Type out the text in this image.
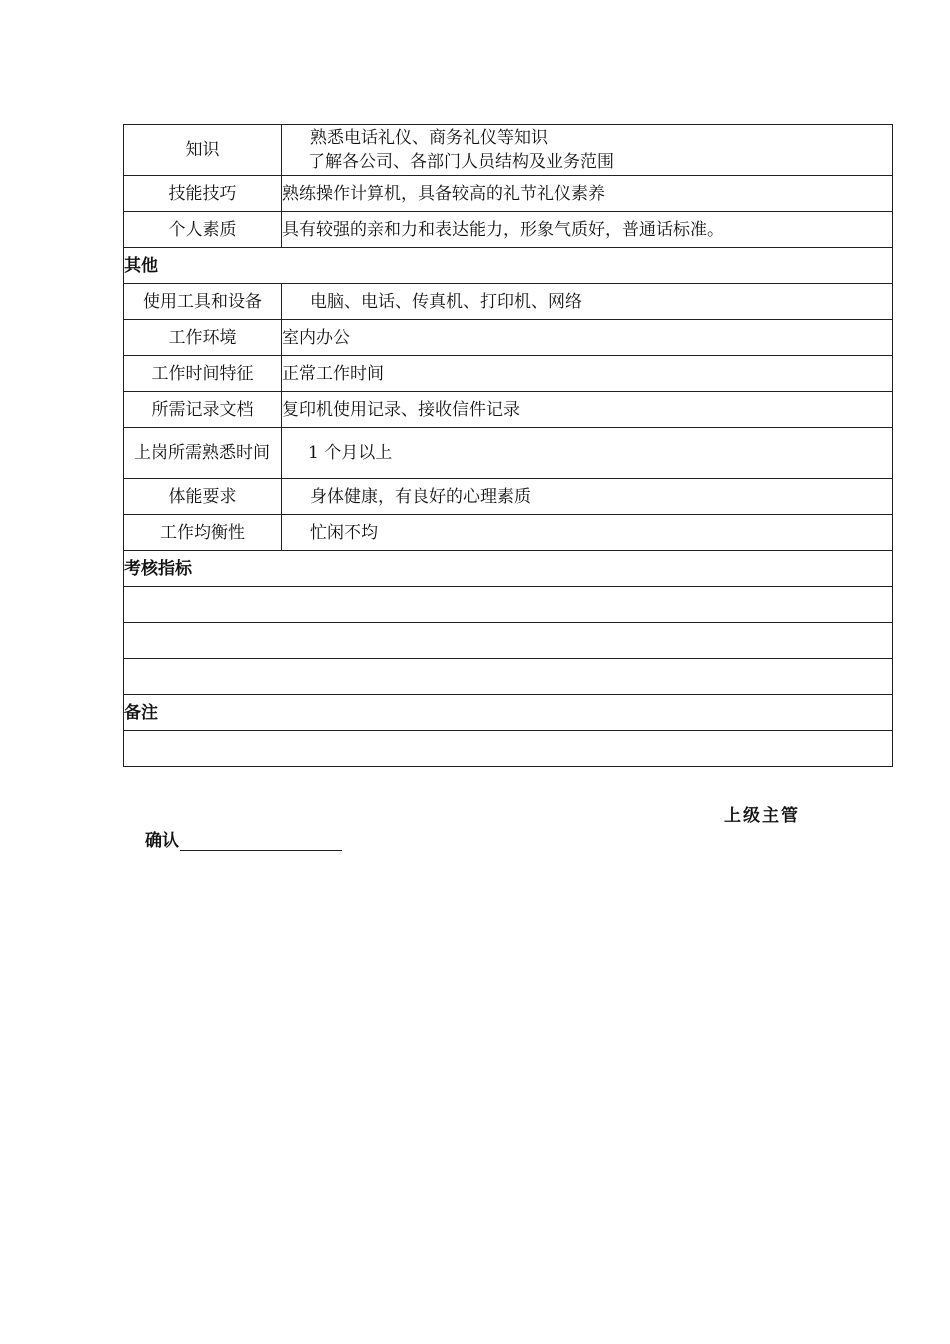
知识	熟悉电话礼仪、商务礼仪等知识
了解各公司、各部门人员结构及业务范围

技能技巧	熟练操作计算机，具备较高的礼节礼仪素养
个人素质	具有较强的亲和力和表达能力，形象气质好，普通话标准。
其他	
使用工具和设备	电脑、电话、传真机、打印机、网络
工作环境	室内办公
工作时间特征	正常工作时间
所需记录文档	复印机使用记录、接收信件记录
上岗所需熟悉时间	1 个月以上
体能要求	身体健康，有良好的心理素质
工作均衡性	忙闲不均
考核指标	

备注	

上级主管
确认
